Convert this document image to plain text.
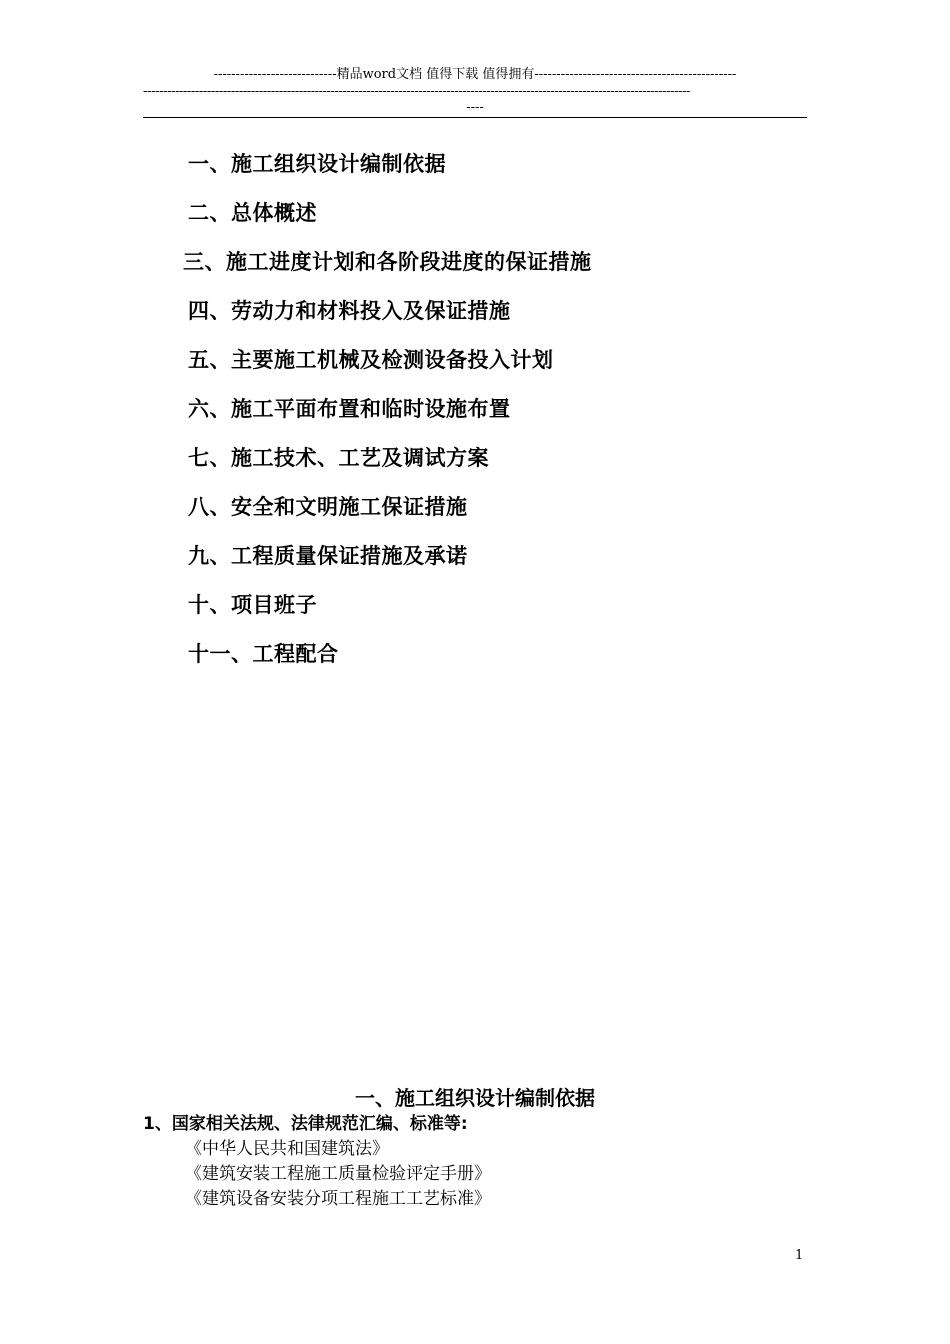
----------------------------精品word文档 值得下载 值得拥有----------------------------------------------
-----------------------------------------------------------------------------------------------------------------------------------------
----
一、施工组织设计编制依据
二、总体概述
三、施工进度计划和各阶段进度的保证措施
四、劳动力和材料投入及保证措施
五、主要施工机械及检测设备投入计划
六、施工平面布置和临时设施布置
七、施工技术、工艺及调试方案
八、安全和文明施工保证措施
九、工程质量保证措施及承诺
十、项目班子
十一、工程配合
一、施工组织设计编制依据
1、国家相关法规、法律规范汇编、标准等:
《中华人民共和国建筑法》
《建筑安装工程施工质量检验评定手册》
《建筑设备安装分项工程施工工艺标准》
1
